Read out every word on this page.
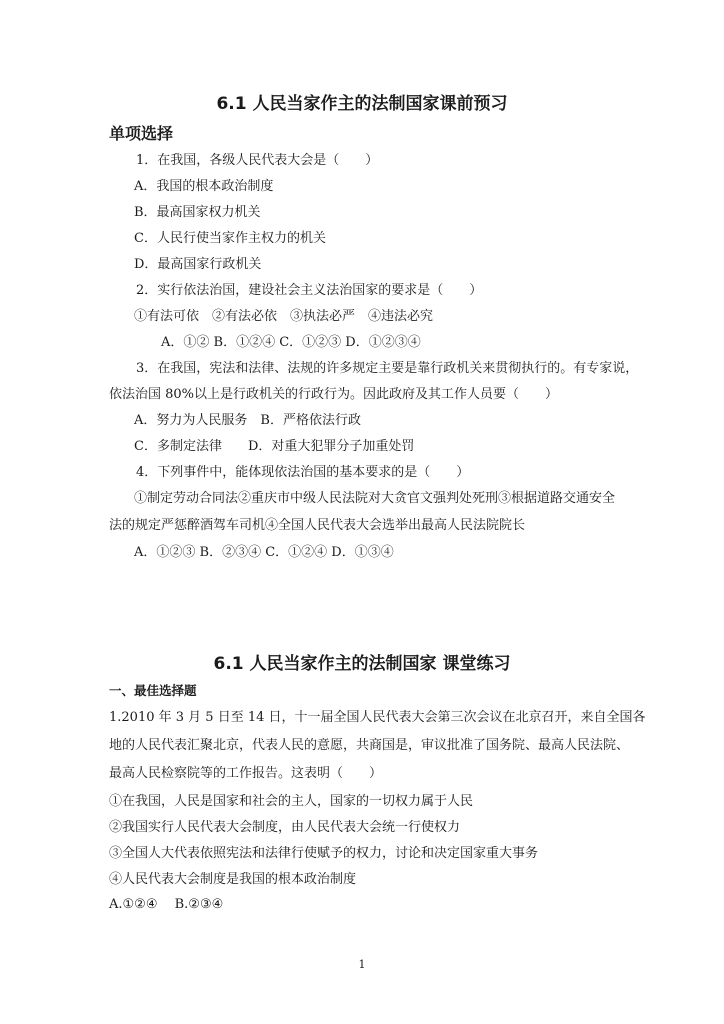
6.1 人民当家作主的法制国家课前预习
单项选择
1．在我国，各级人民代表大会是（　　）
A．我国的根本政治制度
B．最高国家权力机关
C．人民行使当家作主权力的机关
D．最高国家行政机关
2．实行依法治国，建设社会主义法治国家的要求是（　　）
①有法可依　②有法必依　③执法必严　④违法必究
A．①② B．①②④ C．①②③ D．①②③④
3．在我国，宪法和法律、法规的许多规定主要是靠行政机关来贯彻执行的。有专家说，
依法治国 80%以上是行政机关的行政行为。因此政府及其工作人员要（　　）
A．努力为人民服务　B．严格依法行政
C．多制定法律　　D．对重大犯罪分子加重处罚
4．下列事件中，能体现依法治国的基本要求的是（　　）
①制定劳动合同法②重庆市中级人民法院对大贪官文强判处死刑③根据道路交通安全
法的规定严惩醉酒驾车司机④全国人民代表大会选举出最高人民法院院长
A．①②③ B．②③④ C．①②④ D．①③④
6.1 人民当家作主的法制国家 课堂练习
一、最佳选择题
1.2010 年 3 月 5 日至 14 日，十一届全国人民代表大会第三次会议在北京召开，来自全国各
地的人民代表汇聚北京，代表人民的意愿，共商国是，审议批准了国务院、最高人民法院、
最高人民检察院等的工作报告。这表明（　　）
①在我国，人民是国家和社会的主人，国家的一切权力属于人民
②我国实行人民代表大会制度，由人民代表大会统一行使权力
③全国人大代表依照宪法和法律行使赋予的权力，讨论和决定国家重大事务
④人民代表大会制度是我国的根本政治制度
A.①②④　 B.②③④
1
